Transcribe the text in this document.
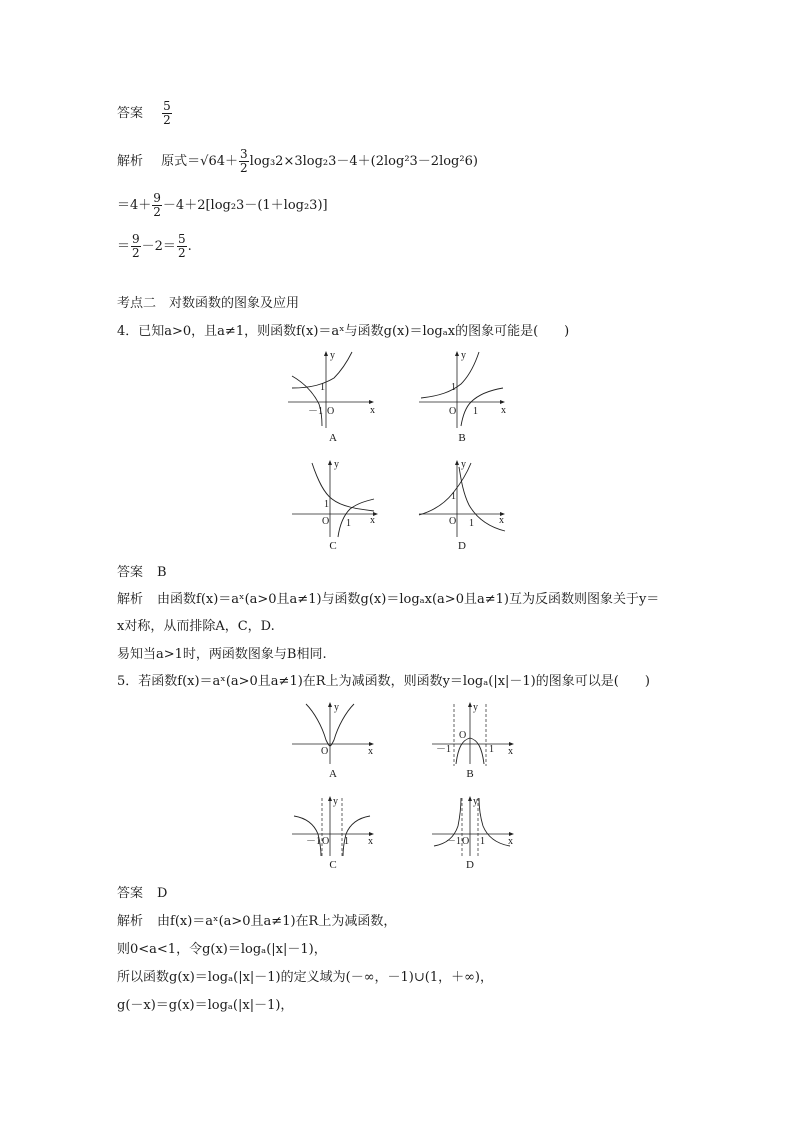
答案 $\frac{5}{2}$
解析 原式$=√64+ \frac{3}{2} \log_32\times 3\log_23-4+(2\log^23-2\log^26)$
$=4+ \frac{9}{2} -4+2[\log_23-(1+\log_23)]$
＝ $\frac{9}{2} -2= \frac{5}{2}$ .
考点二　对数函数的图象及应用
4．已知a>0，且a≠1，则函数f(x)＝aˣ与函数g(x)＝logₐx的图象可能是(　　)
y
x
O
1
－1
A
y
x
O
1
1
B
y
x
O
1
1
C
y
x
O
1
1
D
答案 B
解析 由函数f(x)＝aˣ(a>0且a≠1)与函数g(x)＝logₐx(a>0且a≠1)互为反函数则图象关于y＝
x对称，从而排除A，C，D.
易知当a>1时，两函数图象与B相同.
5．若函数f(x)＝aˣ(a>0且a≠1)在R上为减函数，则函数y＝logₐ(|x|－1)的图象可以是(　　)
y
x
O
A
y
x
O
－1	1
B
y
x
O
－1 1
C
y
x
O
－1 1
D
答案 D
解析 由f(x)＝aˣ(a>0且a≠1)在R上为减函数，
则0<a<1，令g(x)＝logₐ(|x|－1)，
所以函数g(x)＝logₐ(|x|－1)的定义域为(－∞，－1)∪(1，＋∞)，
g(－x)＝g(x)＝logₐ(|x|－1)，
